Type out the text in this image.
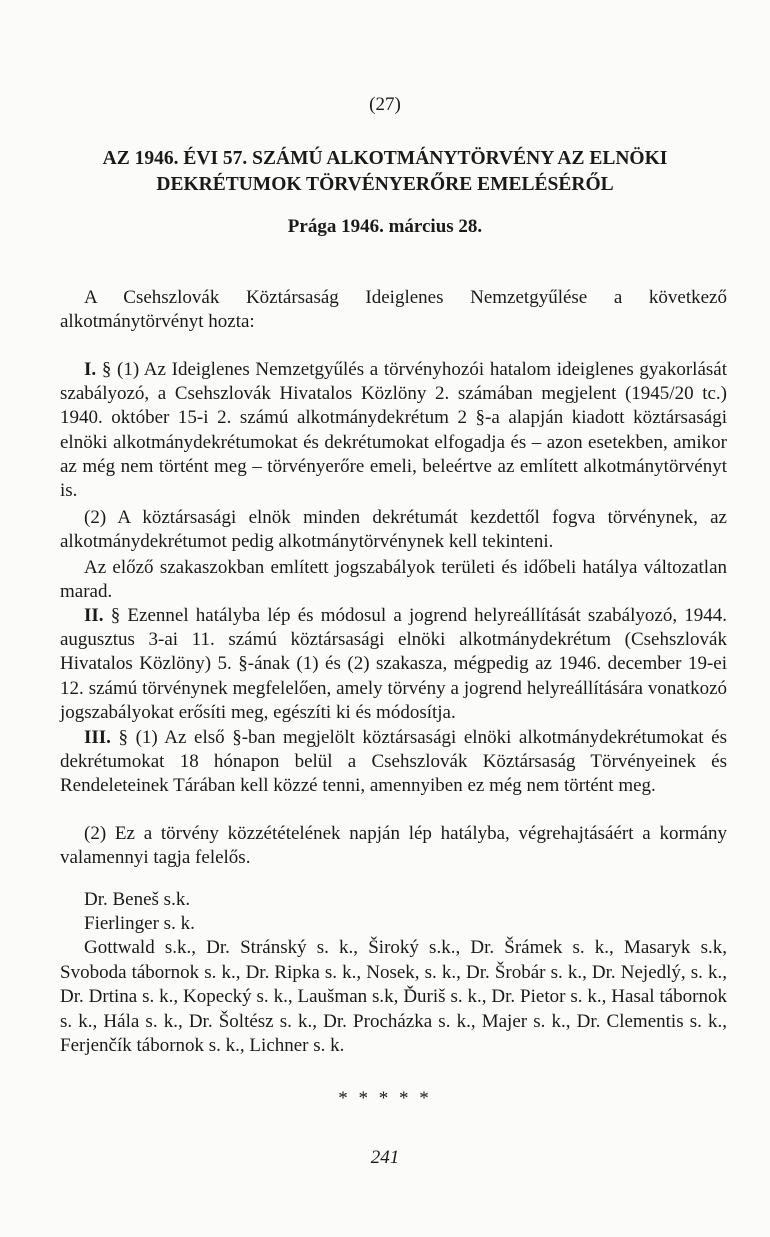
(27)
AZ 1946. ÉVI 57. SZÁMÚ ALKOTMÁNYTÖRVÉNY AZ ELNÖKI
DEKRÉTUMOK TÖRVÉNYERŐRE EMELÉSÉRŐL
Prága 1946. március 28.
A Csehszlovák Köztársaság Ideiglenes Nemzetgyűlése a következő alkotmánytörvényt hozta:
I. § (1) Az Ideiglenes Nemzetgyűlés a törvényhozói hatalom ideiglenes gyakorlását szabályozó, a Csehszlovák Hivatalos Közlöny 2. számában megjelent (1945/20 tc.) 1940. október 15-i 2. számú alkotmánydekrétum 2 §-a alapján kiadott köztársasági elnöki alkotmánydekrétumokat és dekrétumokat elfogadja és – azon esetekben, amikor az még nem történt meg – törvényerőre emeli, beleértve az említett alkotmánytörvényt is.
(2) A köztársasági elnök minden dekrétumát kezdettől fogva törvénynek, az alkotmánydekrétumot pedig alkotmánytörvénynek kell tekinteni.
Az előző szakaszokban említett jogszabályok területi és időbeli hatálya változatlan marad.
II. § Ezennel hatályba lép és módosul a jogrend helyreállítását szabályozó, 1944. augusztus 3-ai 11. számú köztársasági elnöki alkotmánydekrétum (Csehszlovák Hivatalos Közlöny) 5. §-ának (1) és (2) szakasza, mégpedig az 1946. december 19-ei 12. számú törvénynek megfelelően, amely törvény a jogrend helyreállítására vonatkozó jogszabályokat erősíti meg, egészíti ki és módosítja.
III. § (1) Az első §-ban megjelölt köztársasági elnöki alkotmánydekrétumokat és dekrétumokat 18 hónapon belül a Csehszlovák Köztársaság Törvényeinek és Rendeleteinek Tárában kell közzé tenni, amennyiben ez még nem történt meg.
(2) Ez a törvény közzétételének napján lép hatályba, végrehajtásáért a kormány valamennyi tagja felelős.
Dr. Beneš s.k.
Fierlinger s. k.
Gottwald s.k., Dr. Stránský s. k., Široký s.k., Dr. Šrámek s. k., Masaryk s.k, Svoboda tábornok s. k., Dr. Ripka s. k., Nosek, s. k., Dr. Šrobár s. k., Dr. Nejedlý, s. k., Dr. Drtina s. k., Kopecký s. k., Laušman s.k, Ďuriš s. k., Dr. Pietor s. k., Hasal tábornok s. k., Hála s. k., Dr. Šoltész s. k., Dr. Procházka s. k., Majer s. k., Dr. Clementis s. k., Ferjenčík tábornok s. k., Lichner s. k.
* * * * *
241
